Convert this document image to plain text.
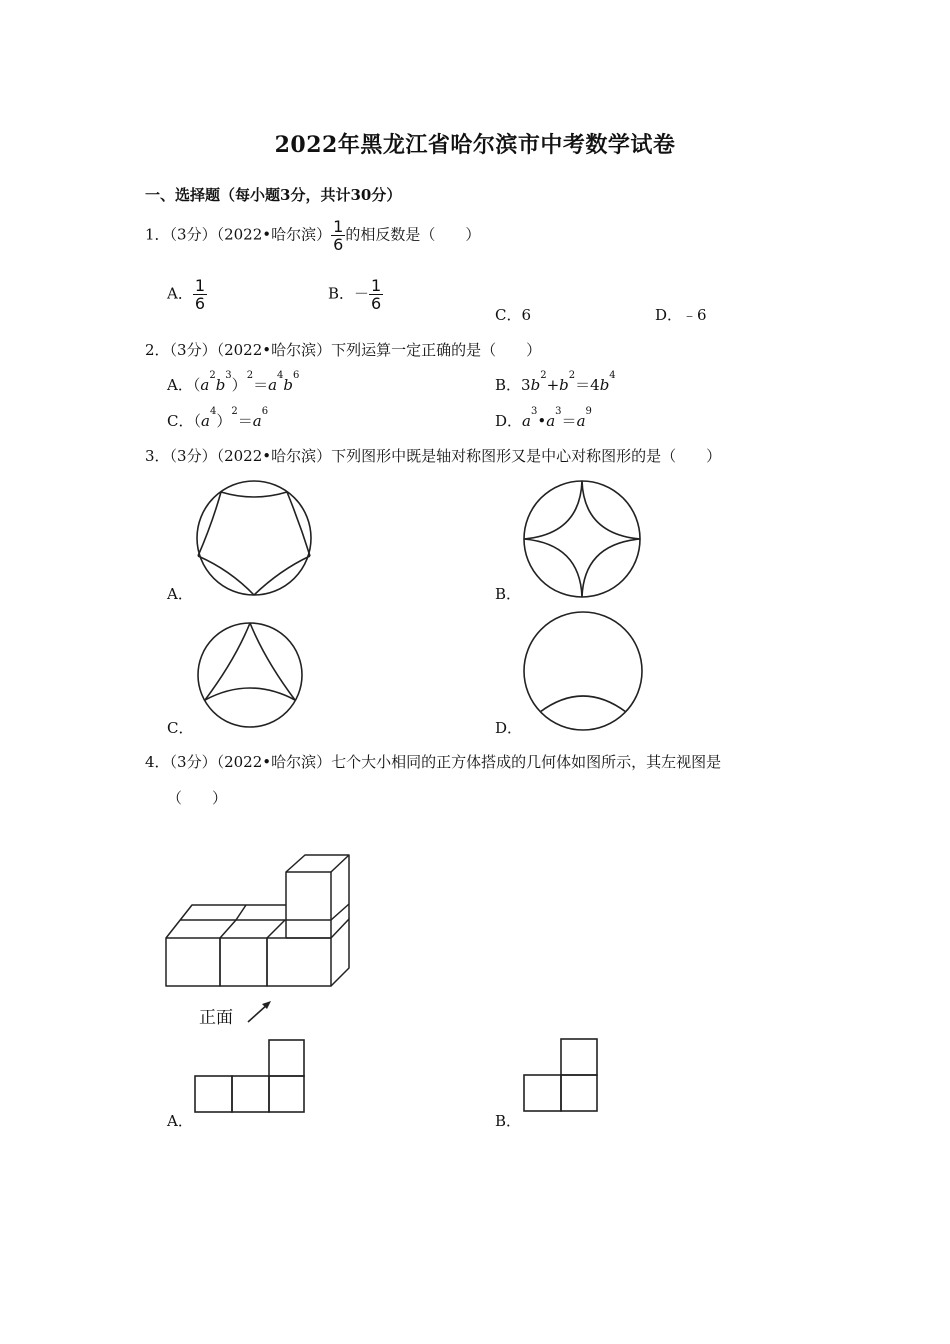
2022年黑龙江省哈尔滨市中考数学试卷
一、选择题（每小题3分，共计30分）
1．（3分）（2022•哈尔滨） $\frac{1}{6}$ 的相反数是（　　）
A． $\frac{1}{6}$	B．－ $\frac{1}{6}$
C．6	D．﹣6
2．（3分）（2022•哈尔滨）下列运算一定正确的是（　　）
A．$(a^2b^3)^2=a^4b^6$
B．$3b^2+b^2=4b^4$
C．$(a^4)^2=a^6$
D．$a^3•a^3=a^9$
3．（3分）（2022•哈尔滨）下列图形中既是轴对称图形又是中心对称图形的是（　　）
A．	B．
C．	D．
4．（3分）（2022•哈尔滨）七个大小相同的正方体搭成的几何体如图所示，其左视图是
（　　）
正面
A．	B．
